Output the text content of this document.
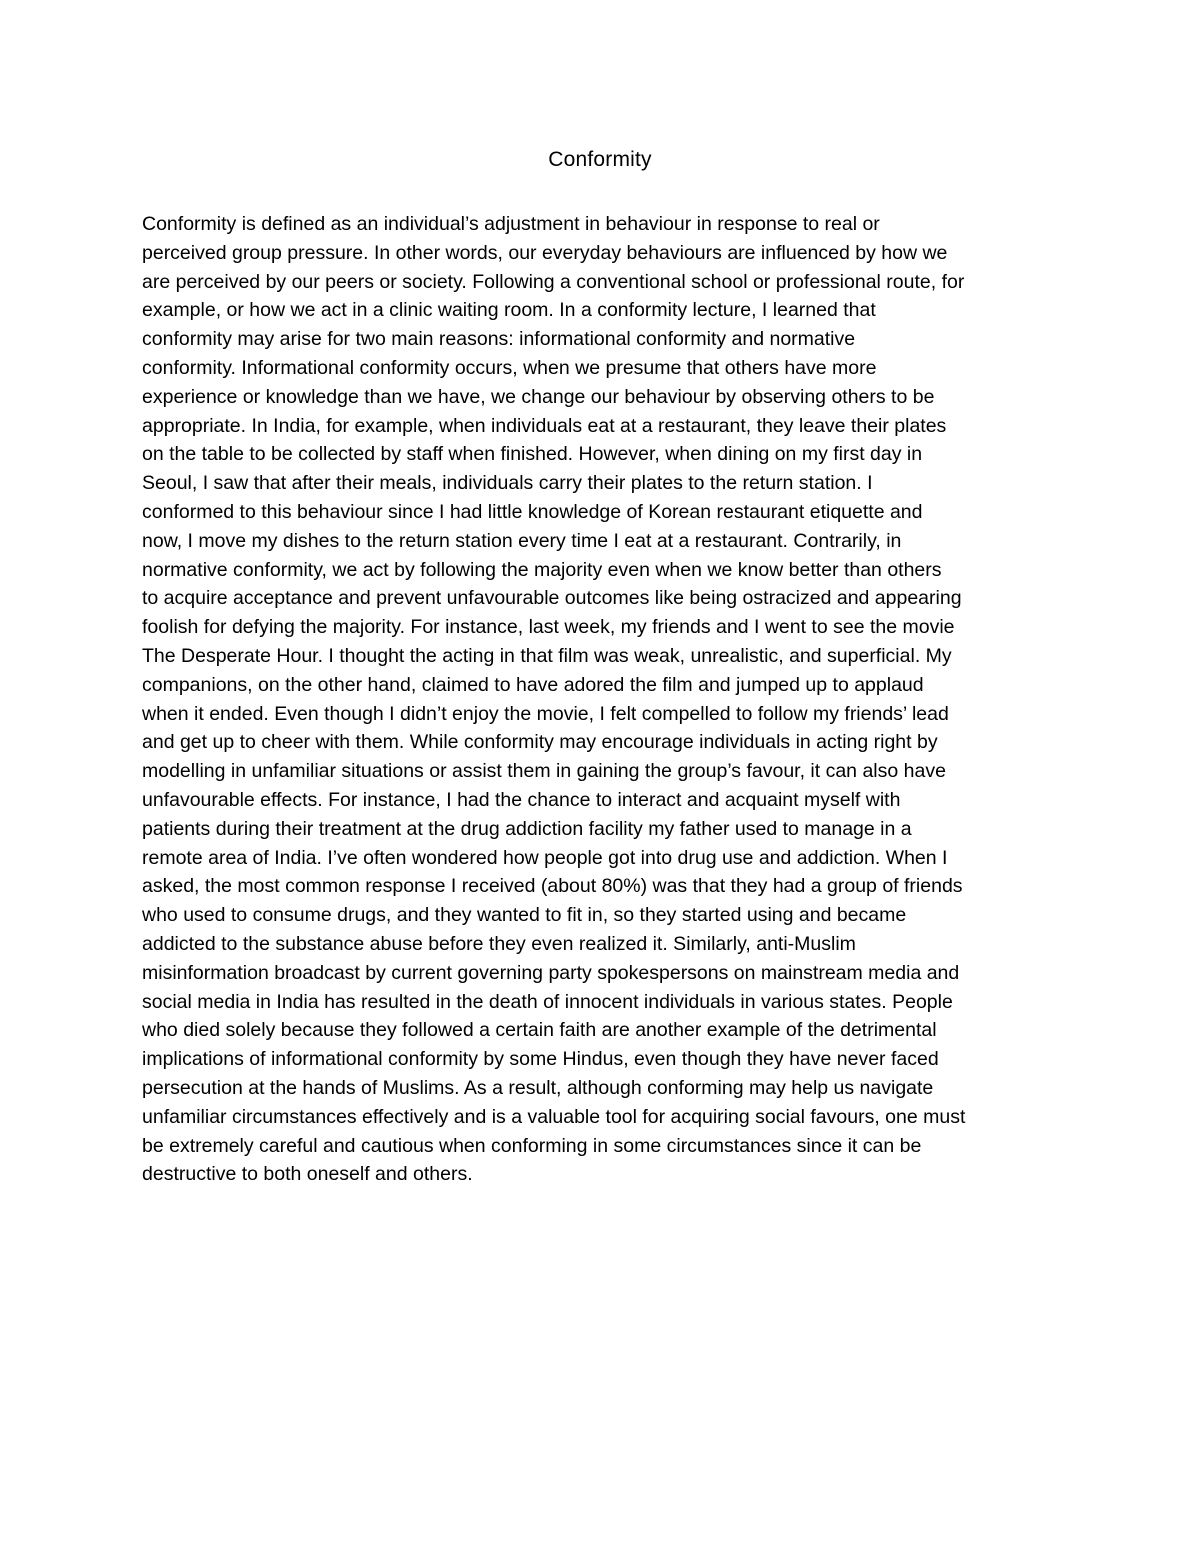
Conformity

Conformity is defined as an individual’s adjustment in behaviour in response to real or
perceived group pressure. In other words, our everyday behaviours are influenced by how we
are perceived by our peers or society. Following a conventional school or professional route, for
example, or how we act in a clinic waiting room. In a conformity lecture, I learned that
conformity may arise for two main reasons: informational conformity and normative
conformity. Informational conformity occurs, when we presume that others have more
experience or knowledge than we have, we change our behaviour by observing others to be
appropriate. In India, for example, when individuals eat at a restaurant, they leave their plates
on the table to be collected by staff when finished. However, when dining on my first day in
Seoul, I saw that after their meals, individuals carry their plates to the return station. I
conformed to this behaviour since I had little knowledge of Korean restaurant etiquette and
now, I move my dishes to the return station every time I eat at a restaurant. Contrarily, in
normative conformity, we act by following the majority even when we know better than others
to acquire acceptance and prevent unfavourable outcomes like being ostracized and appearing
foolish for defying the majority. For instance, last week, my friends and I went to see the movie
The Desperate Hour. I thought the acting in that film was weak, unrealistic, and superficial. My
companions, on the other hand, claimed to have adored the film and jumped up to applaud
when it ended. Even though I didn’t enjoy the movie, I felt compelled to follow my friends’ lead
and get up to cheer with them. While conformity may encourage individuals in acting right by
modelling in unfamiliar situations or assist them in gaining the group’s favour, it can also have
unfavourable effects. For instance, I had the chance to interact and acquaint myself with
patients during their treatment at the drug addiction facility my father used to manage in a
remote area of India. I’ve often wondered how people got into drug use and addiction. When I
asked, the most common response I received (about 80%) was that they had a group of friends
who used to consume drugs, and they wanted to fit in, so they started using and became
addicted to the substance abuse before they even realized it. Similarly, anti-Muslim
misinformation broadcast by current governing party spokespersons on mainstream media and
social media in India has resulted in the death of innocent individuals in various states. People
who died solely because they followed a certain faith are another example of the detrimental
implications of informational conformity by some Hindus, even though they have never faced
persecution at the hands of Muslims. As a result, although conforming may help us navigate
unfamiliar circumstances effectively and is a valuable tool for acquiring social favours, one must
be extremely careful and cautious when conforming in some circumstances since it can be
destructive to both oneself and others.
